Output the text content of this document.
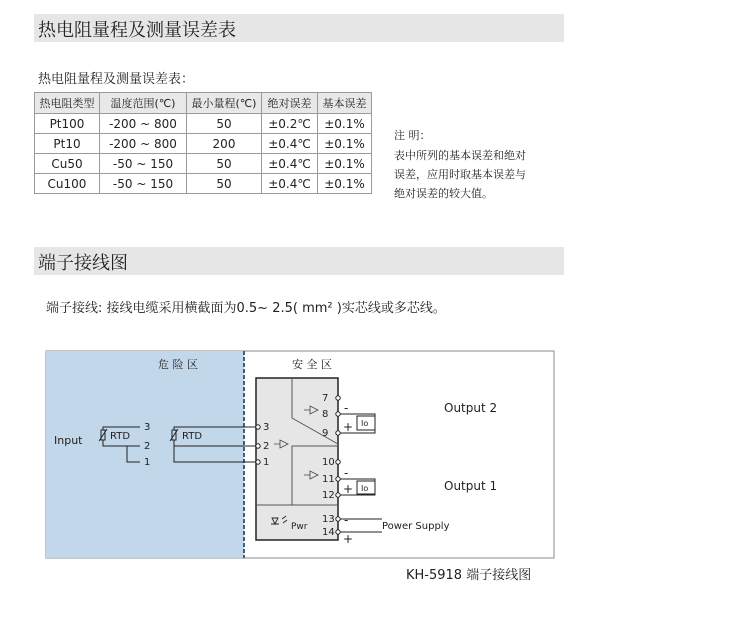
热电阻量程及测量误差表
热电阻量程及测量误差表：
热电阻类型	温度范围(℃)	最小量程(℃)	绝对误差	基本误差
Pt100	-200 ~ 800	50	±0.2℃	±0.1%
Pt10	-200 ~ 800	200	±0.4℃	±0.1%
Cu50	-50 ~ 150	50	±0.4℃	±0.1%
Cu100	-50 ~ 150	50	±0.4℃	±0.1%
注 明：
表中所列的基本误差和绝对
误差，应用时取基本误差与
绝对误差的较大值。
端子接线图
端子接线: 接线电缆采用横截面为0.5~ 2.5( mm² )实芯线或多芯线。
危 险 区	安 全 区
Input	RTD
3
2
1
RTD
3
2
1
7
8
9
10
11
12
13
14
Io
-
+
Output 2
Io
-
+	Output 1
Pwr	-
+
Power Supply
KH-5918 端子接线图
